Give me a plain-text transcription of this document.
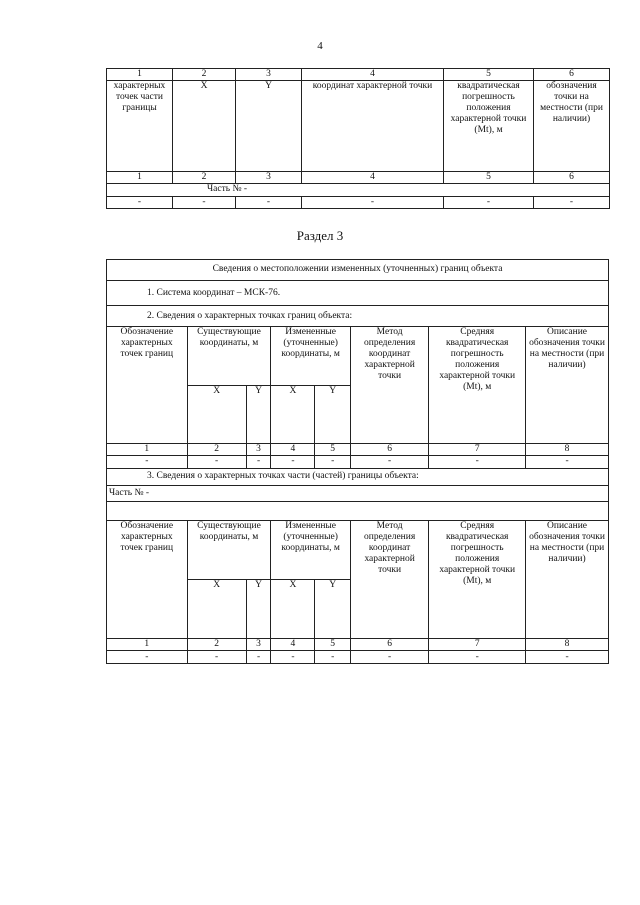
4
1	2	3	4	5	6
характерных точек части границы	X	Y	координат характерной точки	квадратическая погрешность положения характерной точки (Mt), м	обозначения точки на местности (при наличии)
1	2	3	4	5	6
Часть № -					
-	-	-	-	-	-
Раздел 3
Сведения о местоположении измененных (уточненных) границ объекта							
1. Система координат – МСК-76.							
2. Сведения о характерных точках границ объекта:							
Обозначение характерных точек границ	Существующие координаты, м		Измененные (уточненные) координаты, м		Метод определения координат характерной точки	Средняя квадратическая погрешность положения характерной точки (Mt), м	Описание обозначения точки на местности (при наличии)
	X	Y	X	Y			
1	2	3	4	5	6	7	8
-	-	-	-	-	-	-	-
3. Сведения о характерных точках части (частей) границы объекта:							
Часть № -							

Обозначение характерных точек границ	Существующие координаты, м		Измененные (уточненные) координаты, м		Метод определения координат характерной точки	Средняя квадратическая погрешность положения характерной точки (Mt), м	Описание обозначения точки на местности (при наличии)
	X	Y	X	Y			
1	2	3	4	5	6	7	8
-	-	-	-	-	-	-	-
